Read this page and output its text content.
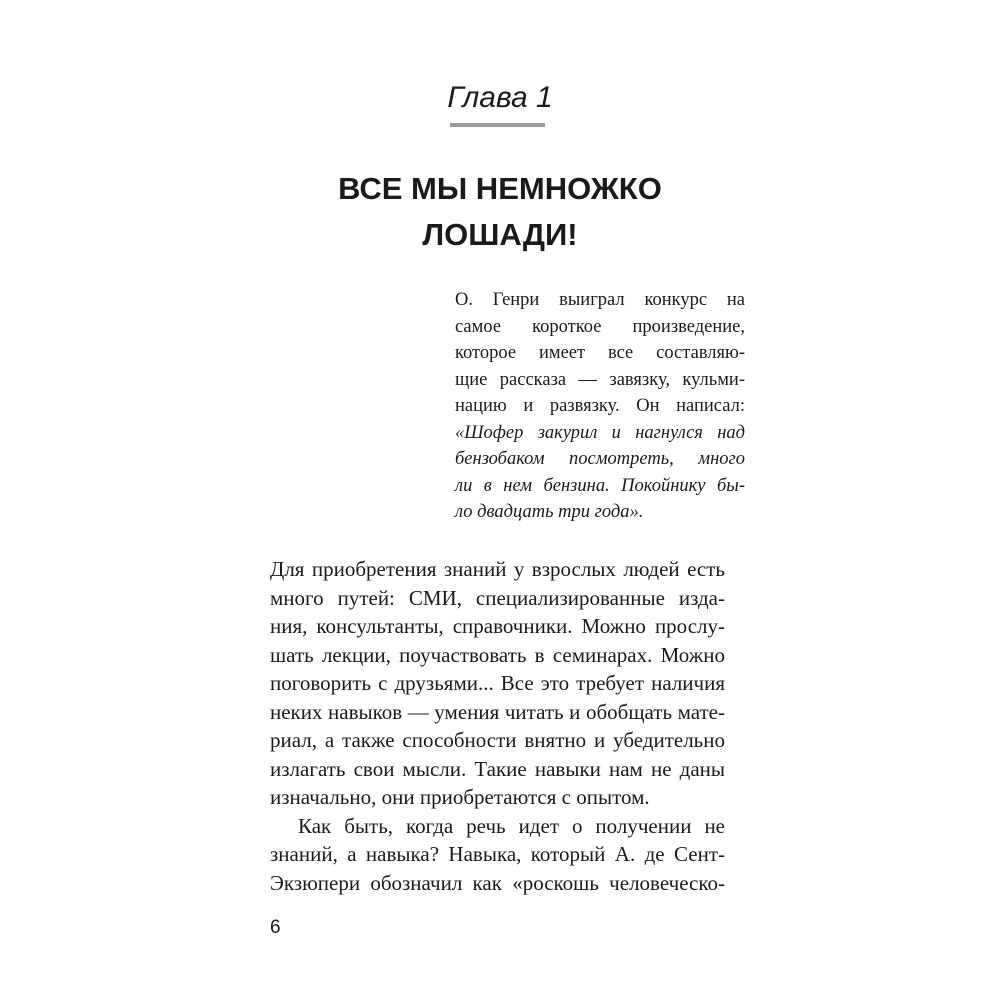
Глава 1
ВСЕ МЫ НЕМНОЖКО
ЛОШАДИ!
О. Генри выиграл конкурс на
самое короткое произведение,
которое имеет все составляю-
щие рассказа — завязку, кульми-
нацию и развязку. Он написал:
«Шофер закурил и нагнулся над
бензобаком посмотреть, много
ли в нем бензина. Покойнику бы-
ло двадцать три года».
Для приобретения знаний у взрослых людей есть
много путей: СМИ, специализированные изда-
ния, консультанты, справочники. Можно прослу-
шать лекции, поучаствовать в семинарах. Можно
поговорить с друзьями... Все это требует наличия
неких навыков — умения читать и обобщать мате-
риал, а также способности внятно и убедительно
излагать свои мысли. Такие навыки нам не даны
изначально, они приобретаются с опытом.
Как быть, когда речь идет о получении не
знаний, а навыка? Навыка, который А. де Сент-
Экзюпери обозначил как «роскошь человеческо-
6
